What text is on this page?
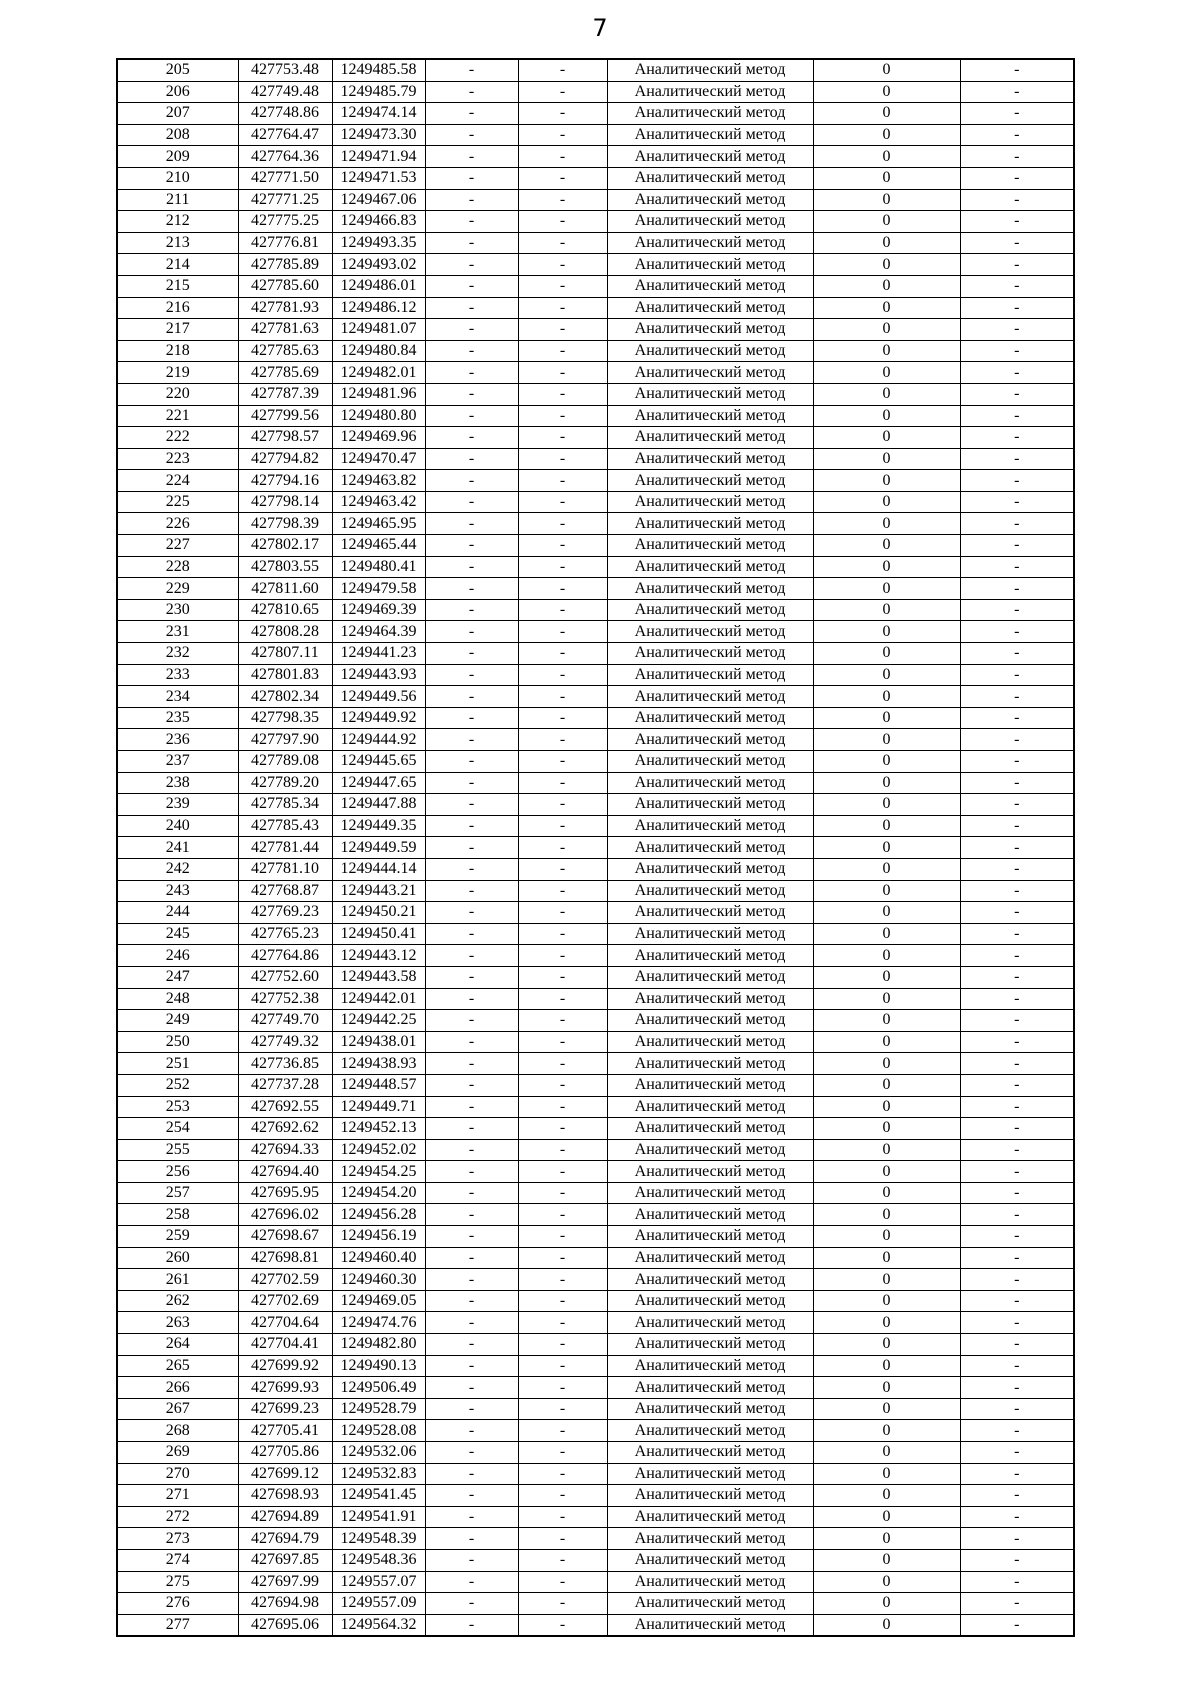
7
205	427753.48	1249485.58	-	-	Аналитический метод	0	-
206	427749.48	1249485.79	-	-	Аналитический метод	0	-
207	427748.86	1249474.14	-	-	Аналитический метод	0	-
208	427764.47	1249473.30	-	-	Аналитический метод	0	-
209	427764.36	1249471.94	-	-	Аналитический метод	0	-
210	427771.50	1249471.53	-	-	Аналитический метод	0	-
211	427771.25	1249467.06	-	-	Аналитический метод	0	-
212	427775.25	1249466.83	-	-	Аналитический метод	0	-
213	427776.81	1249493.35	-	-	Аналитический метод	0	-
214	427785.89	1249493.02	-	-	Аналитический метод	0	-
215	427785.60	1249486.01	-	-	Аналитический метод	0	-
216	427781.93	1249486.12	-	-	Аналитический метод	0	-
217	427781.63	1249481.07	-	-	Аналитический метод	0	-
218	427785.63	1249480.84	-	-	Аналитический метод	0	-
219	427785.69	1249482.01	-	-	Аналитический метод	0	-
220	427787.39	1249481.96	-	-	Аналитический метод	0	-
221	427799.56	1249480.80	-	-	Аналитический метод	0	-
222	427798.57	1249469.96	-	-	Аналитический метод	0	-
223	427794.82	1249470.47	-	-	Аналитический метод	0	-
224	427794.16	1249463.82	-	-	Аналитический метод	0	-
225	427798.14	1249463.42	-	-	Аналитический метод	0	-
226	427798.39	1249465.95	-	-	Аналитический метод	0	-
227	427802.17	1249465.44	-	-	Аналитический метод	0	-
228	427803.55	1249480.41	-	-	Аналитический метод	0	-
229	427811.60	1249479.58	-	-	Аналитический метод	0	-
230	427810.65	1249469.39	-	-	Аналитический метод	0	-
231	427808.28	1249464.39	-	-	Аналитический метод	0	-
232	427807.11	1249441.23	-	-	Аналитический метод	0	-
233	427801.83	1249443.93	-	-	Аналитический метод	0	-
234	427802.34	1249449.56	-	-	Аналитический метод	0	-
235	427798.35	1249449.92	-	-	Аналитический метод	0	-
236	427797.90	1249444.92	-	-	Аналитический метод	0	-
237	427789.08	1249445.65	-	-	Аналитический метод	0	-
238	427789.20	1249447.65	-	-	Аналитический метод	0	-
239	427785.34	1249447.88	-	-	Аналитический метод	0	-
240	427785.43	1249449.35	-	-	Аналитический метод	0	-
241	427781.44	1249449.59	-	-	Аналитический метод	0	-
242	427781.10	1249444.14	-	-	Аналитический метод	0	-
243	427768.87	1249443.21	-	-	Аналитический метод	0	-
244	427769.23	1249450.21	-	-	Аналитический метод	0	-
245	427765.23	1249450.41	-	-	Аналитический метод	0	-
246	427764.86	1249443.12	-	-	Аналитический метод	0	-
247	427752.60	1249443.58	-	-	Аналитический метод	0	-
248	427752.38	1249442.01	-	-	Аналитический метод	0	-
249	427749.70	1249442.25	-	-	Аналитический метод	0	-
250	427749.32	1249438.01	-	-	Аналитический метод	0	-
251	427736.85	1249438.93	-	-	Аналитический метод	0	-
252	427737.28	1249448.57	-	-	Аналитический метод	0	-
253	427692.55	1249449.71	-	-	Аналитический метод	0	-
254	427692.62	1249452.13	-	-	Аналитический метод	0	-
255	427694.33	1249452.02	-	-	Аналитический метод	0	-
256	427694.40	1249454.25	-	-	Аналитический метод	0	-
257	427695.95	1249454.20	-	-	Аналитический метод	0	-
258	427696.02	1249456.28	-	-	Аналитический метод	0	-
259	427698.67	1249456.19	-	-	Аналитический метод	0	-
260	427698.81	1249460.40	-	-	Аналитический метод	0	-
261	427702.59	1249460.30	-	-	Аналитический метод	0	-
262	427702.69	1249469.05	-	-	Аналитический метод	0	-
263	427704.64	1249474.76	-	-	Аналитический метод	0	-
264	427704.41	1249482.80	-	-	Аналитический метод	0	-
265	427699.92	1249490.13	-	-	Аналитический метод	0	-
266	427699.93	1249506.49	-	-	Аналитический метод	0	-
267	427699.23	1249528.79	-	-	Аналитический метод	0	-
268	427705.41	1249528.08	-	-	Аналитический метод	0	-
269	427705.86	1249532.06	-	-	Аналитический метод	0	-
270	427699.12	1249532.83	-	-	Аналитический метод	0	-
271	427698.93	1249541.45	-	-	Аналитический метод	0	-
272	427694.89	1249541.91	-	-	Аналитический метод	0	-
273	427694.79	1249548.39	-	-	Аналитический метод	0	-
274	427697.85	1249548.36	-	-	Аналитический метод	0	-
275	427697.99	1249557.07	-	-	Аналитический метод	0	-
276	427694.98	1249557.09	-	-	Аналитический метод	0	-
277	427695.06	1249564.32	-	-	Аналитический метод	0	-
